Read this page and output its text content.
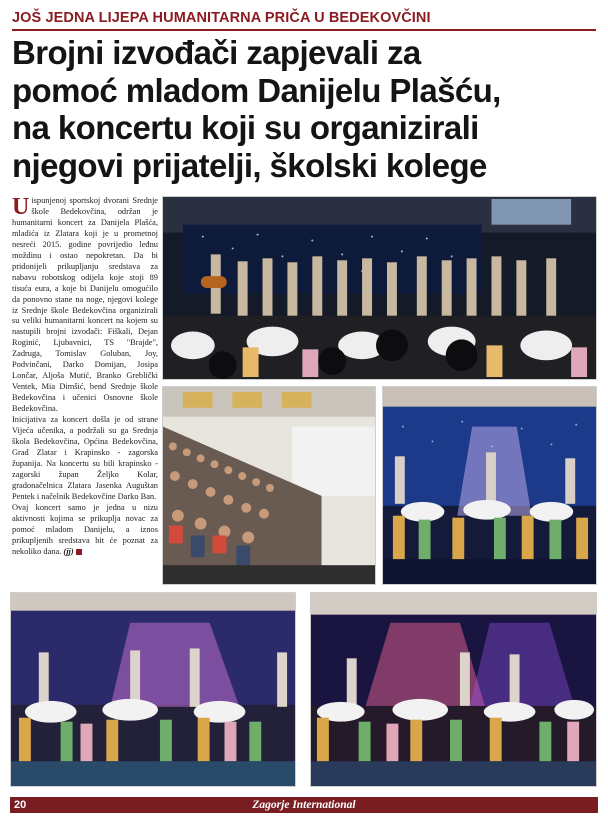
JOŠ JEDNA LIJEPA HUMANITARNA PRIČA U BEDEKOVČINI
Brojni izvođači zapjevali za
pomoć mladom Danijelu Plašću,
na koncertu koji su organizirali
njegovi prijatelji, školski kolege

Uispunjenoj sportskoj dvorani Srednje škole Bedekovčina, održan je humanitarni koncert za Danijela Plašća, mladića iz Zlatara koji je u prometnoj nesreći 2015. godine povrijedio leđnu moždinu i ostao nepokretan. Da bi pridonijeli prikupljanju sredstava za nabavu robotskog odijela koje stoji 89 tisuća eura, a koje bi Danijelu omogućilo da ponovno stane na noge, njegovi kolege iz Srednje škole Bedekovčina organizirali su veliki humanitarni koncert na kojem su nastupili brojni izvođači: Fiškali, Dejan Roginić, Ljubavnici, TS "Brajde", Zadruga, Tomislav Goluban, Joy, Podvinčani, Darko Domijan, Josipa Lončar, Aljoša Mutić, Branko Greblički Ventek, Mia Dimšić, bend Srednje škole Bedekovčina i učenici Osnovne škole Bedekovčina.

Inicijativa za koncert došla je od strane Vijeća učenika, a podržali su ga Srednja škola Bedekovčina, Općina Bedekovčina, Grad Zlatar i Krapinsko - zagorska županija. Na koncertu su bili krapinsko - zagorski župan Željko Kolar, gradonačelnica Zlatara Jasenka Auguštan Pentek i načelnik Bedekovčine Darko Ban.

Ovaj koncert samo je jedna u nizu aktivnosti kojima se prikuplja novac za pomoć mladom Danijelu, a iznos prikupljenih sredstava bit će poznat za nekoliko dana. (jj)

20	Zagorje International
